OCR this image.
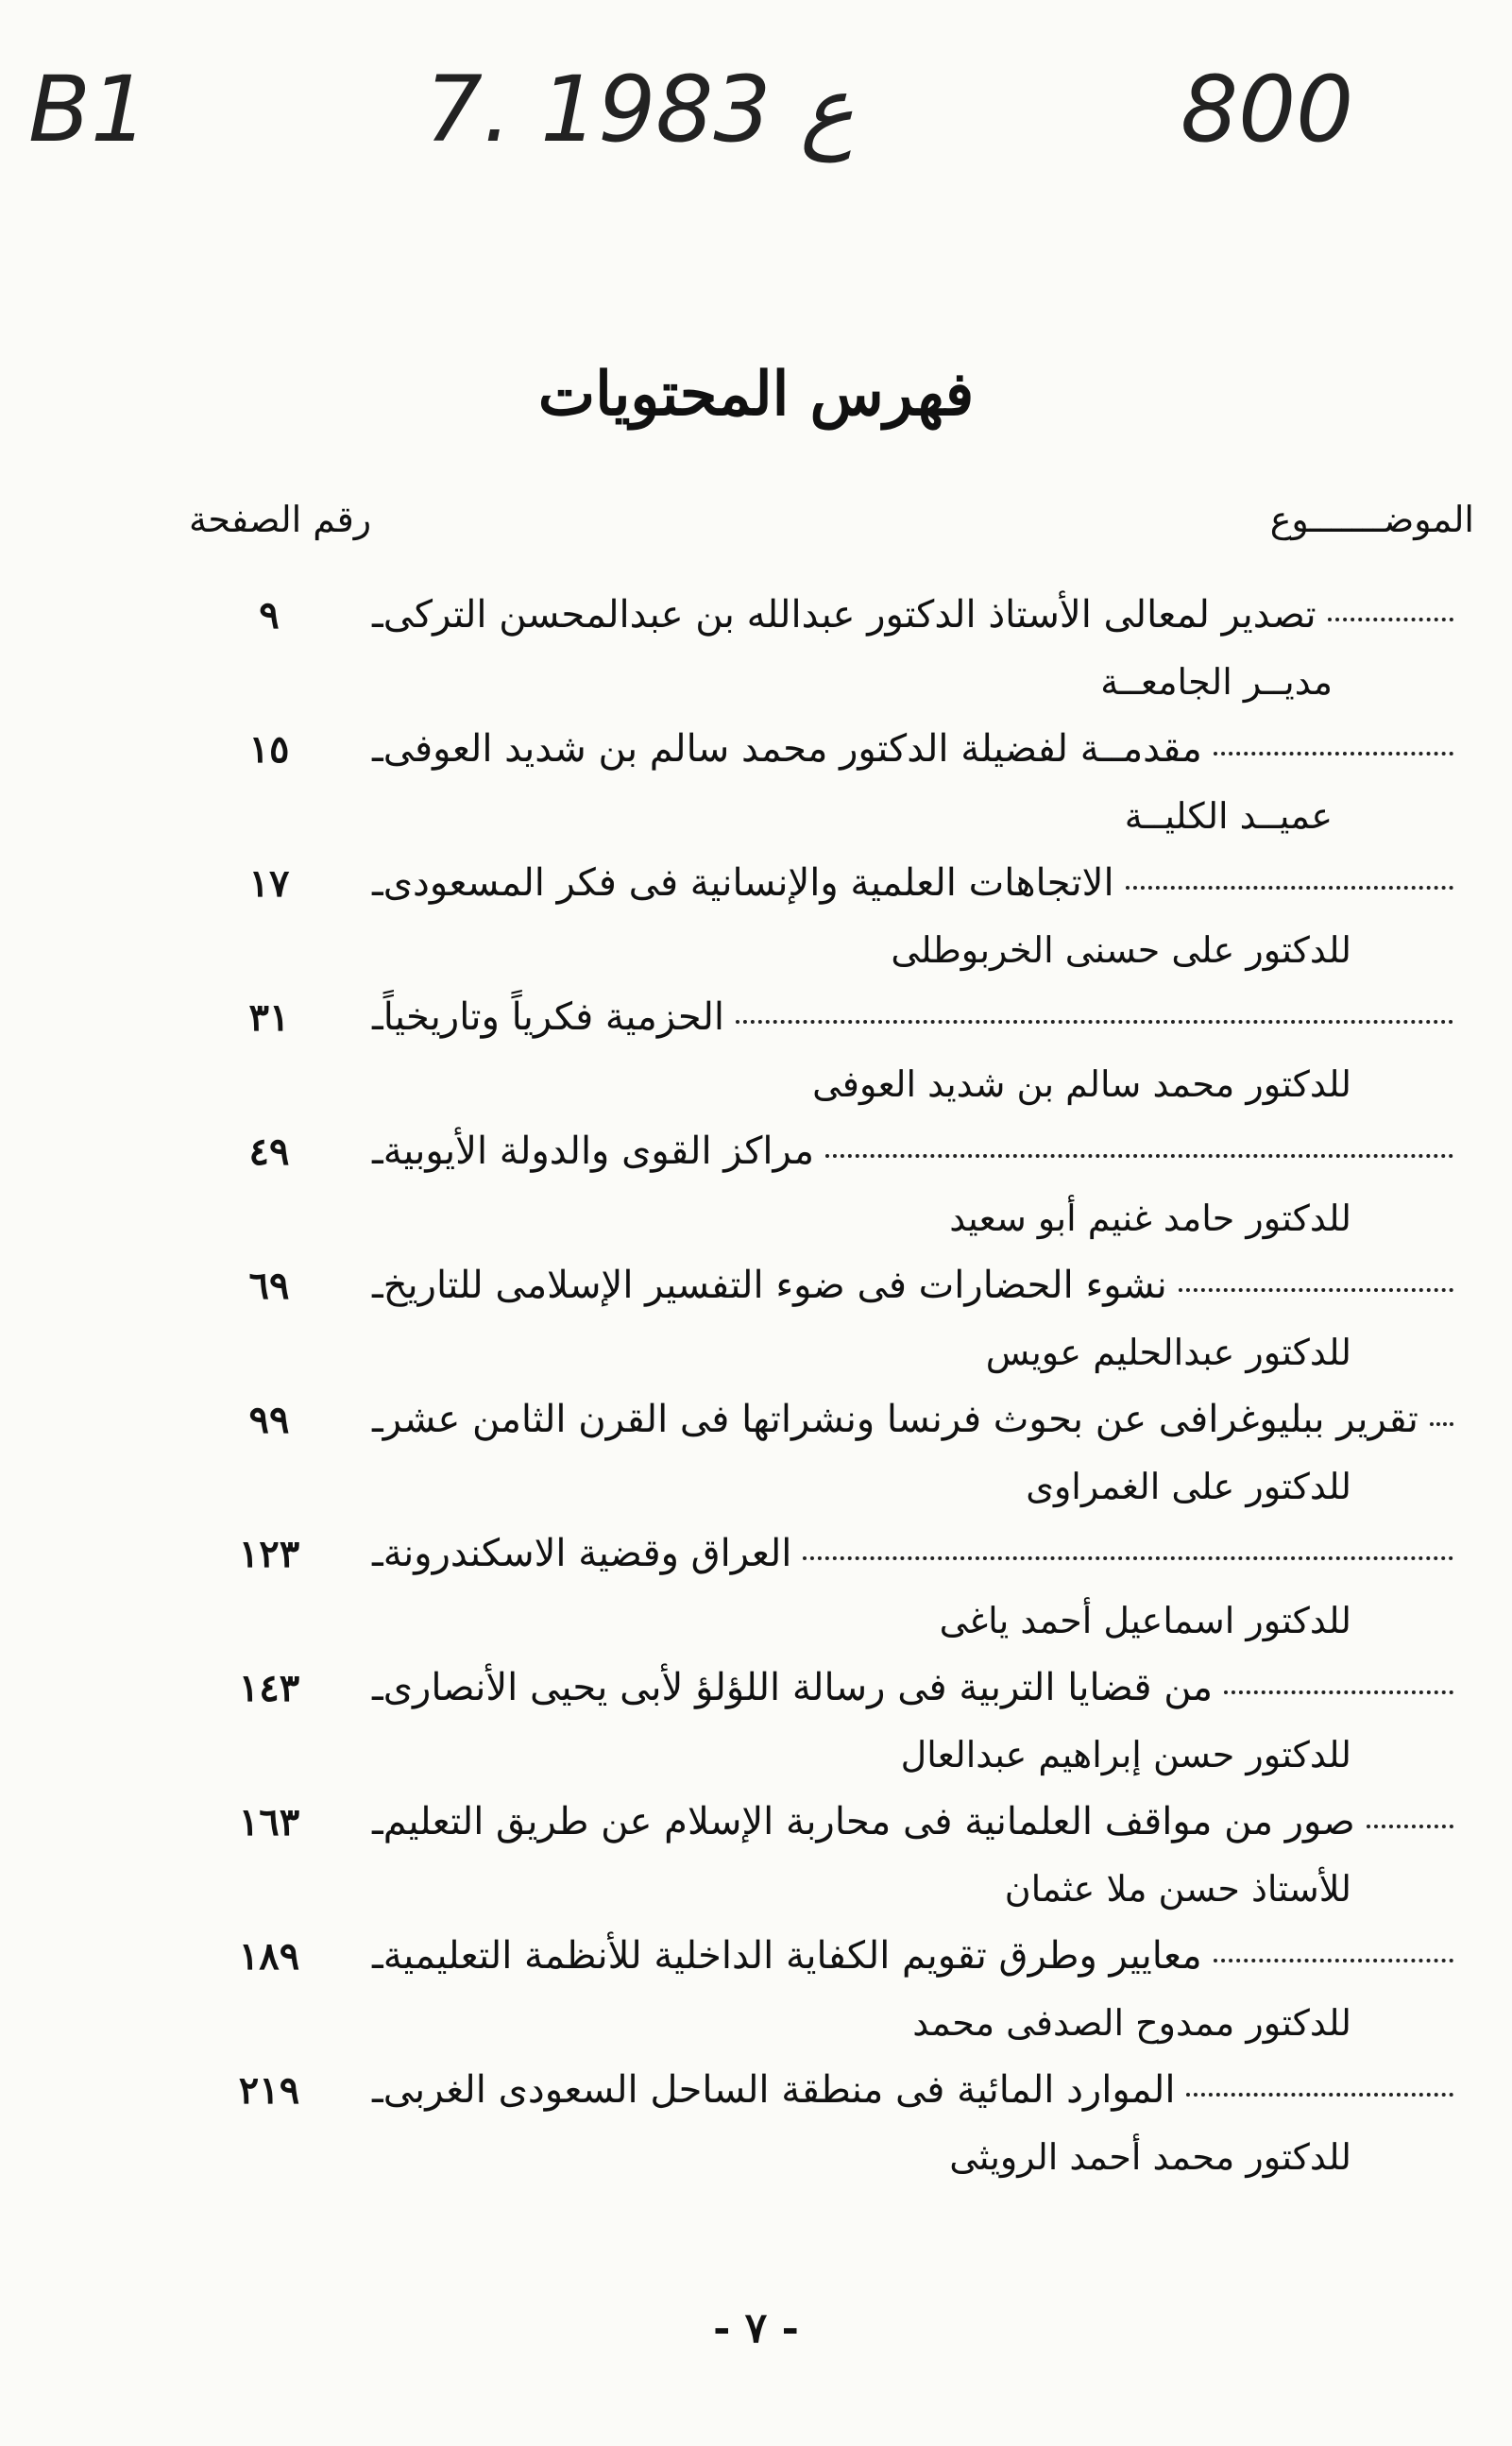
B1	7. ع 1983	800
فهرس المحتويات
الموضـــــــوع
رقم الصفحة
ـ تصدير لمعالى الأستاذ الدكتور عبدالله بن عبدالمحسن التركى
٩
مديــر الجامعــة
ـ مقدمــة لفضيلة الدكتور محمد سالم بن شديد العوفى
١٥
عميــد الكليــة
ـ الاتجاهات العلمية والإنسانية فى فكر المسعودى
١٧
للدكتور على حسنى الخربوطلى
ـ الحزمية فكرياً وتاريخياً
٣١
للدكتور محمد سالم بن شديد العوفى
ـ مراكز القوى والدولة الأيوبية
٤٩
للدكتور حامد غنيم أبو سعيد
ـ نشوء الحضارات فى ضوء التفسير الإسلامى للتاريخ
٦٩
للدكتور عبدالحليم عويس
ـ تقرير ببليوغرافى عن بحوث فرنسا ونشراتها فى القرن الثامن عشر
٩٩
للدكتور على الغمراوى
ـ العراق وقضية الاسكندرونة
١٢٣
للدكتور اسماعيل أحمد ياغى
ـ من قضايا التربية فى رسالة اللؤلؤ لأبى يحيى الأنصارى
١٤٣
للدكتور حسن إبراهيم عبدالعال
ـ صور من مواقف العلمانية فى محاربة الإسلام عن طريق التعليم
١٦٣
للأستاذ حسن ملا عثمان
ـ معايير وطرق تقويم الكفاية الداخلية للأنظمة التعليمية
١٨٩
للدكتور ممدوح الصدفى محمد
ـ الموارد المائية فى منطقة الساحل السعودى الغربى
٢١٩
للدكتور محمد أحمد الرويثى
- ٧ -
